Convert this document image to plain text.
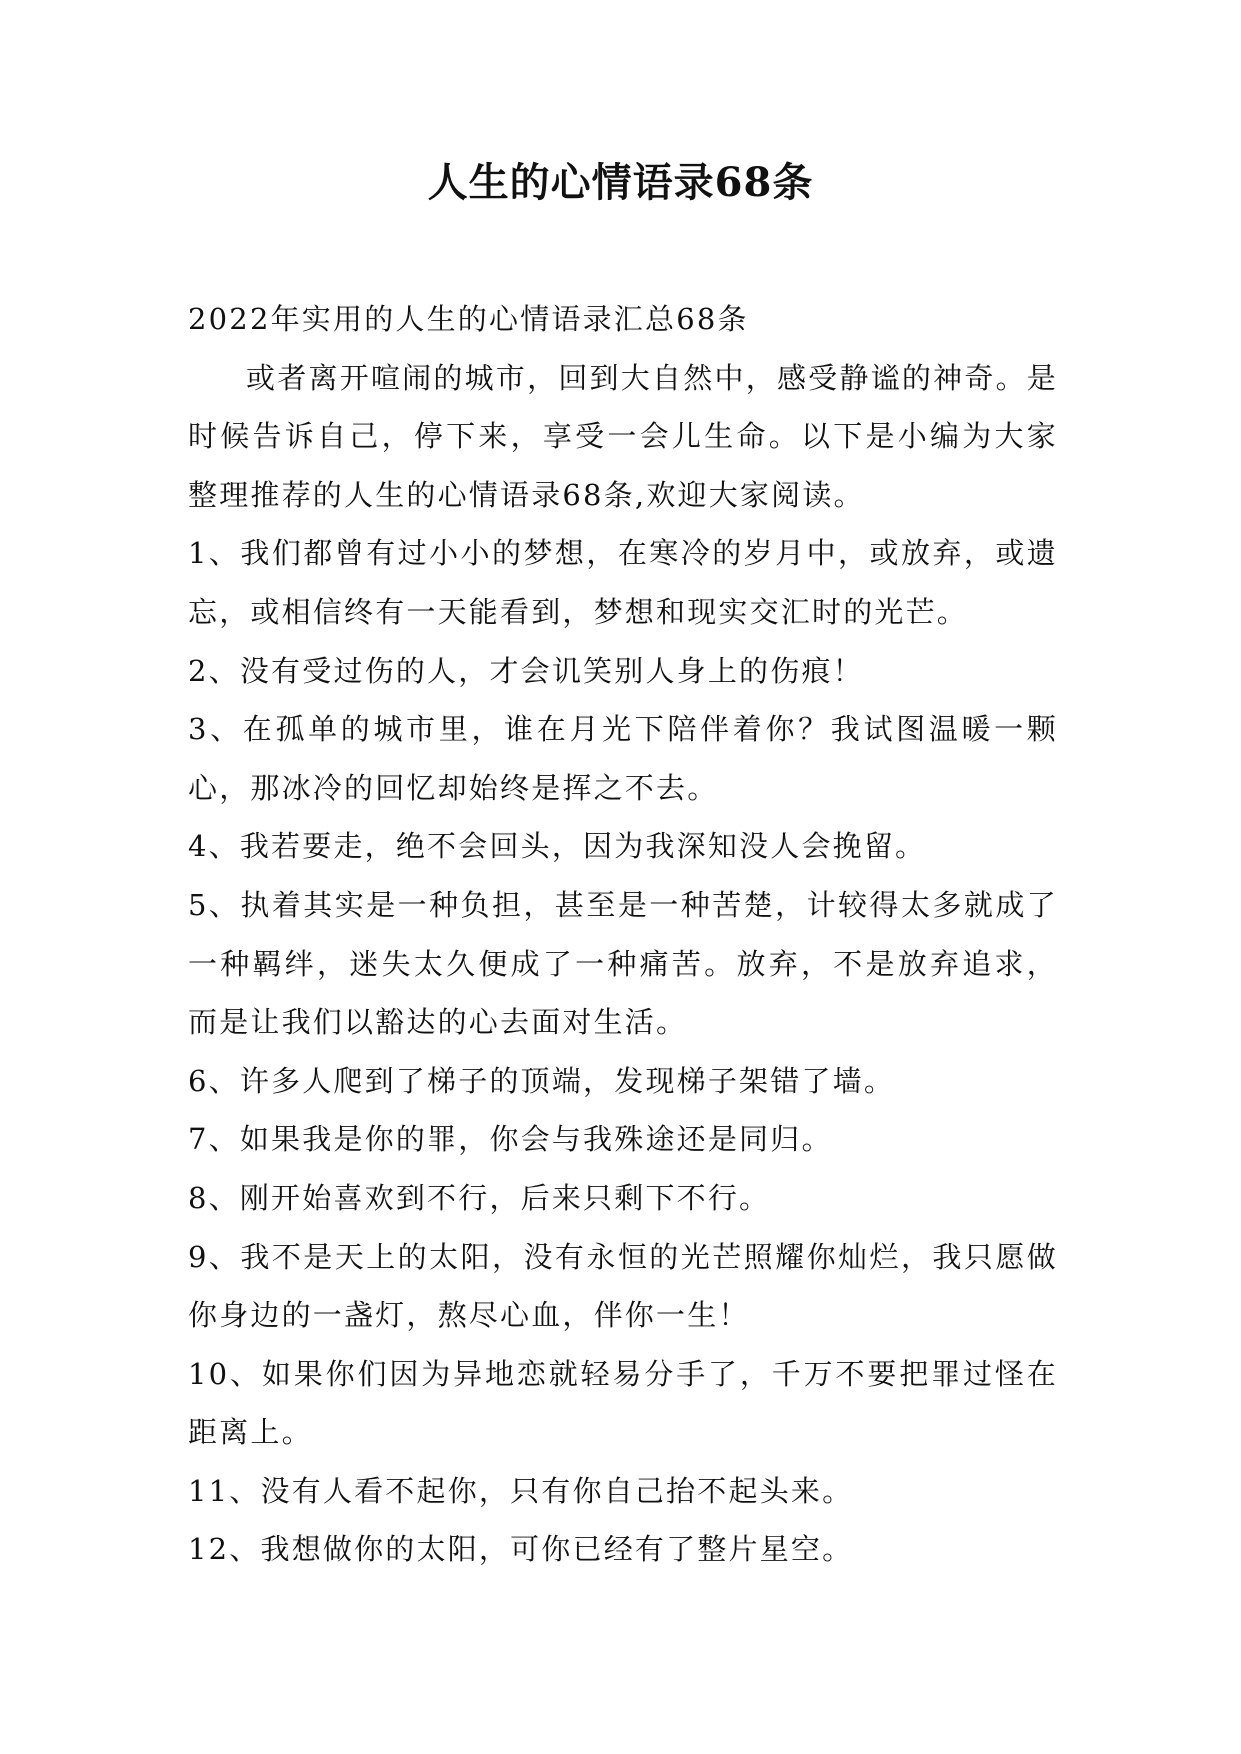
人生的心情语录68条

2022年实用的人生的心情语录汇总68条

或者离开喧闹的城市，回到大自然中，感受静谧的神奇。是时候告诉自己，停下来，享受一会儿生命。以下是小编为大家整理推荐的人生的心情语录68条,欢迎大家阅读。

1、我们都曾有过小小的梦想，在寒冷的岁月中，或放弃，或遗忘，或相信终有一天能看到，梦想和现实交汇时的光芒。

2、没有受过伤的人，才会讥笑别人身上的伤痕！

3、在孤单的城市里，谁在月光下陪伴着你？我试图温暖一颗心，那冰冷的回忆却始终是挥之不去。

4、我若要走，绝不会回头，因为我深知没人会挽留。

5、执着其实是一种负担，甚至是一种苦楚，计较得太多就成了一种羁绊，迷失太久便成了一种痛苦。放弃，不是放弃追求，而是让我们以豁达的心去面对生活。

6、许多人爬到了梯子的顶端，发现梯子架错了墙。

7、如果我是你的罪，你会与我殊途还是同归。

8、刚开始喜欢到不行，后来只剩下不行。

9、我不是天上的太阳，没有永恒的光芒照耀你灿烂，我只愿做你身边的一盏灯，熬尽心血，伴你一生！

10、如果你们因为异地恋就轻易分手了，千万不要把罪过怪在距离上。

11、没有人看不起你，只有你自己抬不起头来。

12、我想做你的太阳，可你已经有了整片星空。
